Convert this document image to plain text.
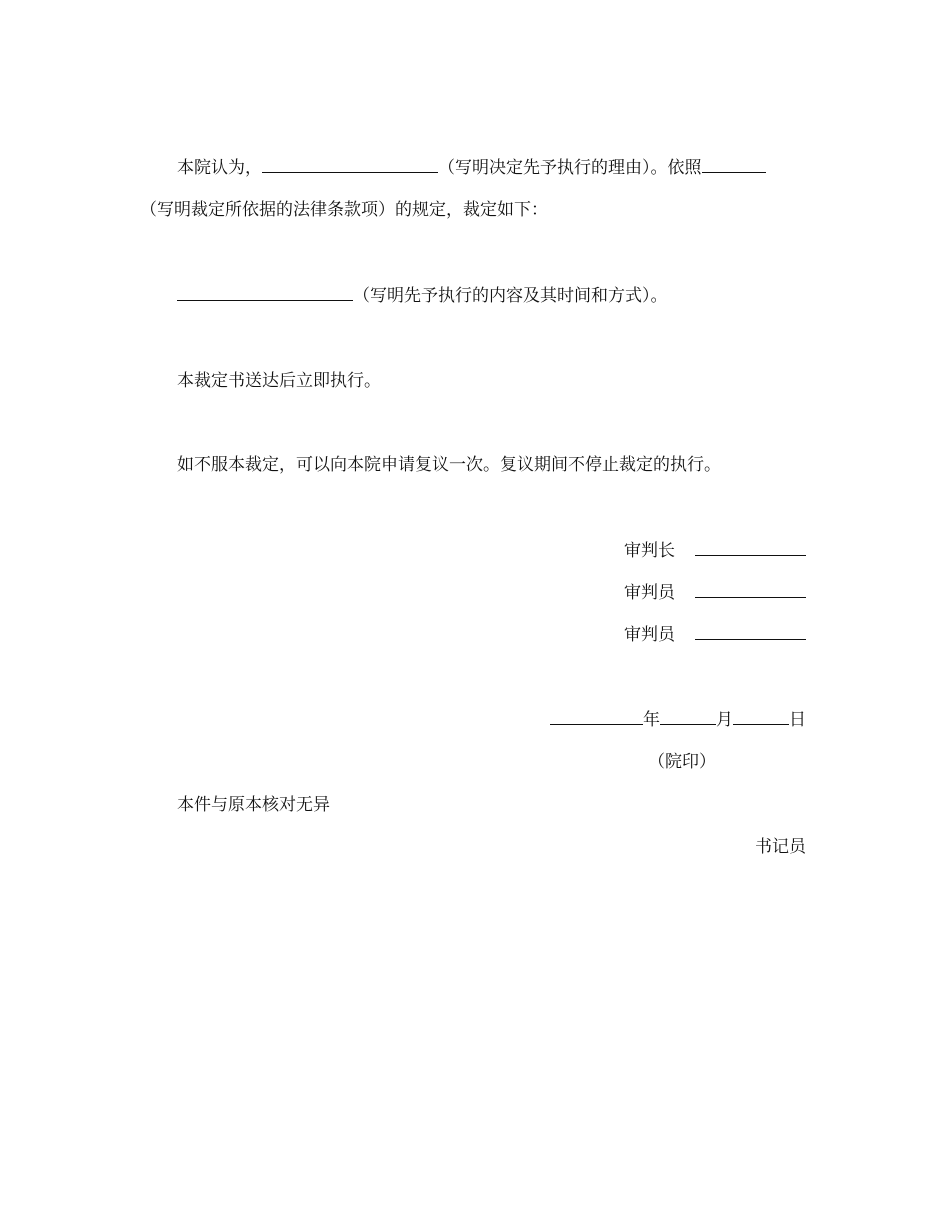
本院认为，	（写明决定先予执行的理由）。依照
（写明裁定所依据的法律条款项）的规定，裁定如下：
（写明先予执行的内容及其时间和方式）。
本裁定书送达后立即执行。
如不服本裁定，可以向本院申请复议一次。复议期间不停止裁定的执行。
审判长
审判员
审判员
年	月	日
（院印）
本件与原本核对无异
书记员
